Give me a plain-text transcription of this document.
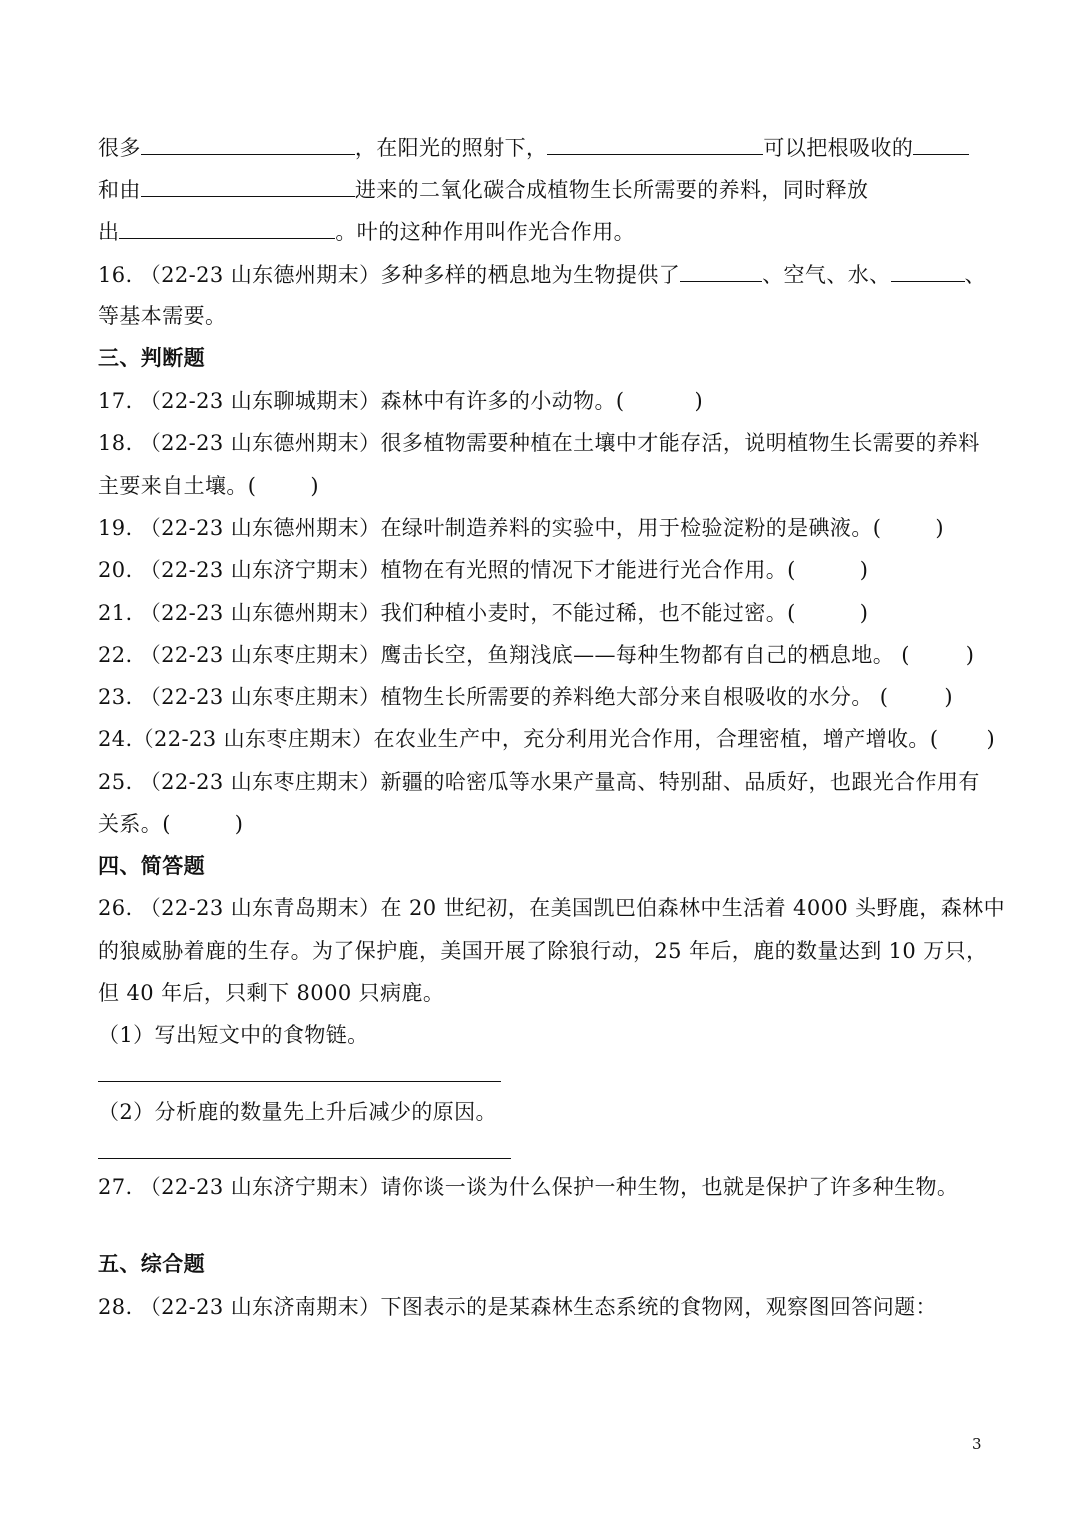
很多	，在阳光的照射下，	可以把根吸收的
和由	进来的二氧化碳合成植物生长所需要的养料，同时释放
出	。叶的这种作用叫作光合作用。
16. （22-23 山东德州期末）多种多样的栖息地为生物提供了	、空气、水、	、
等基本需要。
三、判断题
17. （22-23 山东聊城期末）森林中有许多的小动物。(	)
18. （22-23 山东德州期末）很多植物需要种植在土壤中才能存活，说明植物生长需要的养料
主要来自土壤。(	)
19. （22-23 山东德州期末）在绿叶制造养料的实验中，用于检验淀粉的是碘液。(	)
20. （22-23 山东济宁期末）植物在有光照的情况下才能进行光合作用。(	)
21. （22-23 山东德州期末）我们种植小麦时，不能过稀，也不能过密。(	)
22. （22-23 山东枣庄期末）鹰击长空，鱼翔浅底——每种生物都有自己的栖息地。 (	)
23. （22-23 山东枣庄期末）植物生长所需要的养料绝大部分来自根吸收的水分。 (	)
24.（22-23 山东枣庄期末）在农业生产中，充分利用光合作用，合理密植，增产增收。( )
25. （22-23 山东枣庄期末）新疆的哈密瓜等水果产量高、特别甜、品质好，也跟光合作用有
关系。(	)
四、简答题
26. （22-23 山东青岛期末）在 20 世纪初，在美国凯巴伯森林中生活着 4000 头野鹿，森林中
的狼威胁着鹿的生存。为了保护鹿，美国开展了除狼行动，25 年后，鹿的数量达到 10 万只，
但 40 年后，只剩下 8000 只病鹿。
（1）写出短文中的食物链。
（2）分析鹿的数量先上升后减少的原因。
27. （22-23 山东济宁期末）请你谈一谈为什么保护一种生物，也就是保护了许多种生物。
五、综合题
28. （22-23 山东济南期末）下图表示的是某森林生态系统的食物网，观察图回答问题：
3
